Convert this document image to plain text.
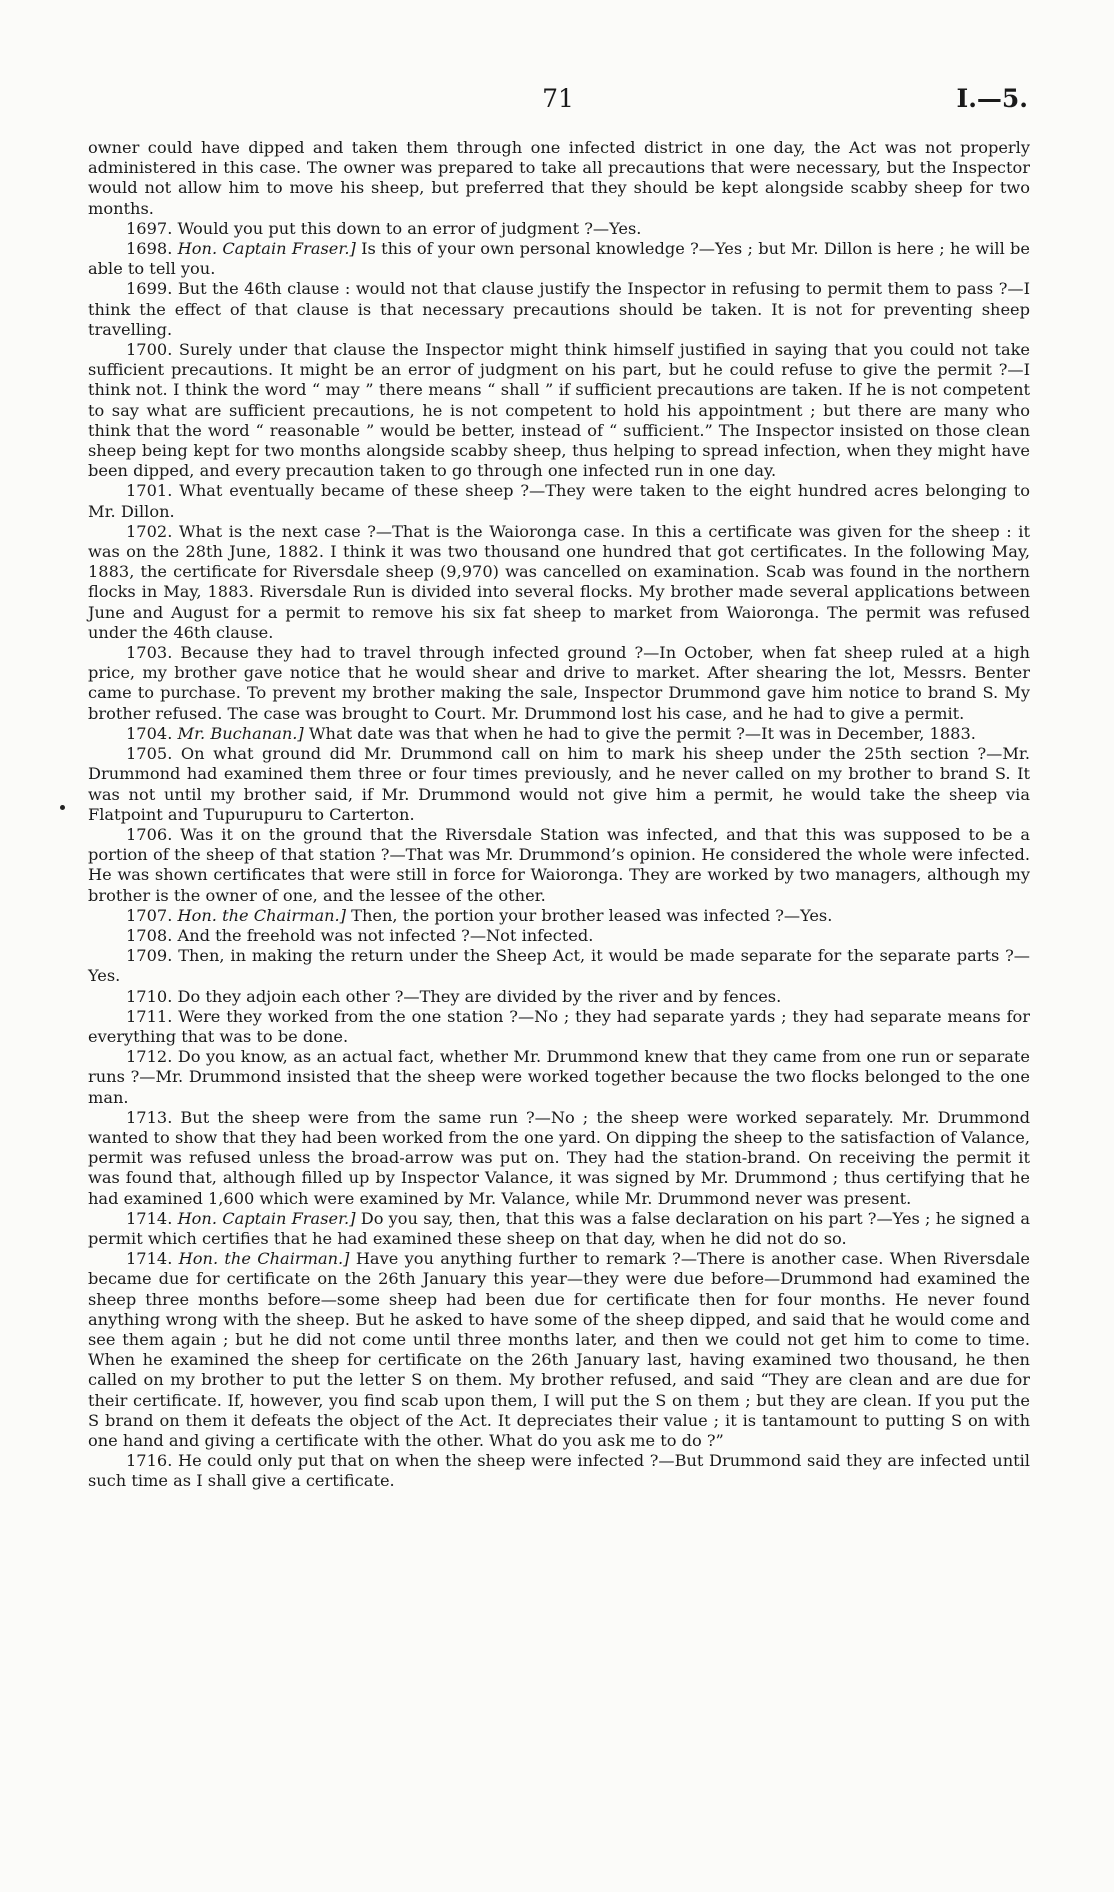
71	I.—5.

owner could have dipped and taken them through one infected district in one day, the Act was not properly administered in this case. The owner was prepared to take all precautions that were necessary, but the Inspector would not allow him to move his sheep, but preferred that they should be kept alongside scabby sheep for two months.

1697. Would you put this down to an error of judgment ?—Yes.

1698. Hon. Captain Fraser.] Is this of your own personal knowledge ?—Yes ; but Mr. Dillon is here ; he will be able to tell you.

1699. But the 46th clause : would not that clause justify the Inspector in refusing to permit them to pass ?—I think the effect of that clause is that necessary precautions should be taken. It is not for preventing sheep travelling.

1700. Surely under that clause the Inspector might think himself justified in saying that you could not take sufficient precautions. It might be an error of judgment on his part, but he could refuse to give the permit ?—I think not. I think the word “ may ” there means “ shall ” if sufficient precautions are taken. If he is not competent to say what are sufficient precautions, he is not competent to hold his appointment ; but there are many who think that the word “ reasonable ” would be better, instead of “ sufficient.” The Inspector insisted on those clean sheep being kept for two months alongside scabby sheep, thus helping to spread infection, when they might have been dipped, and every precaution taken to go through one infected run in one day.

1701. What eventually became of these sheep ?—They were taken to the eight hundred acres belonging to Mr. Dillon.

1702. What is the next case ?—That is the Waioronga case. In this a certificate was given for the sheep : it was on the 28th June, 1882. I think it was two thousand one hundred that got certificates. In the following May, 1883, the certificate for Riversdale sheep (9,970) was cancelled on examination. Scab was found in the northern flocks in May, 1883. Riversdale Run is divided into several flocks. My brother made several applications between June and August for a permit to remove his six fat sheep to market from Waioronga. The permit was refused under the 46th clause.

1703. Because they had to travel through infected ground ?—In October, when fat sheep ruled at a high price, my brother gave notice that he would shear and drive to market. After shearing the lot, Messrs. Benter came to purchase. To prevent my brother making the sale, Inspector Drummond gave him notice to brand S. My brother refused. The case was brought to Court. Mr. Drummond lost his case, and he had to give a permit.

1704. Mr. Buchanan.] What date was that when he had to give the permit ?—It was in December, 1883.

1705. On what ground did Mr. Drummond call on him to mark his sheep under the 25th section ?—Mr. Drummond had examined them three or four times previously, and he never called on my brother to brand S. It was not until my brother said, if Mr. Drummond would not give him a permit, he would take the sheep via Flatpoint and Tupurupuru to Carterton.

1706. Was it on the ground that the Riversdale Station was infected, and that this was supposed to be a portion of the sheep of that station ?—That was Mr. Drummond’s opinion. He considered the whole were infected. He was shown certificates that were still in force for Waioronga. They are worked by two managers, although my brother is the owner of one, and the lessee of the other.

1707. Hon. the Chairman.] Then, the portion your brother leased was infected ?—Yes.

1708. And the freehold was not infected ?—Not infected.

1709. Then, in making the return under the Sheep Act, it would be made separate for the separate parts ?—Yes.

1710. Do they adjoin each other ?—They are divided by the river and by fences.

1711. Were they worked from the one station ?—No ; they had separate yards ; they had separate means for everything that was to be done.

1712. Do you know, as an actual fact, whether Mr. Drummond knew that they came from one run or separate runs ?—Mr. Drummond insisted that the sheep were worked together because the two flocks belonged to the one man.

1713. But the sheep were from the same run ?—No ; the sheep were worked separately. Mr. Drummond wanted to show that they had been worked from the one yard. On dipping the sheep to the satisfaction of Valance, permit was refused unless the broad-arrow was put on. They had the station-brand. On receiving the permit it was found that, although filled up by Inspector Valance, it was signed by Mr. Drummond ; thus certifying that he had examined 1,600 which were examined by Mr. Valance, while Mr. Drummond never was present.

1714. Hon. Captain Fraser.] Do you say, then, that this was a false declaration on his part ?—Yes ; he signed a permit which certifies that he had examined these sheep on that day, when he did not do so.

1714. Hon. the Chairman.] Have you anything further to remark ?—There is another case. When Riversdale became due for certificate on the 26th January this year—they were due before—Drummond had examined the sheep three months before—some sheep had been due for certificate then for four months. He never found anything wrong with the sheep. But he asked to have some of the sheep dipped, and said that he would come and see them again ; but he did not come until three months later, and then we could not get him to come to time. When he examined the sheep for certificate on the 26th January last, having examined two thousand, he then called on my brother to put the letter S on them. My brother refused, and said “They are clean and are due for their certificate. If, however, you find scab upon them, I will put the S on them ; but they are clean. If you put the S brand on them it defeats the object of the Act. It depreciates their value ; it is tantamount to putting S on with one hand and giving a certificate with the other. What do you ask me to do ?”

1716. He could only put that on when the sheep were infected ?—But Drummond said they are infected until such time as I shall give a certificate.
